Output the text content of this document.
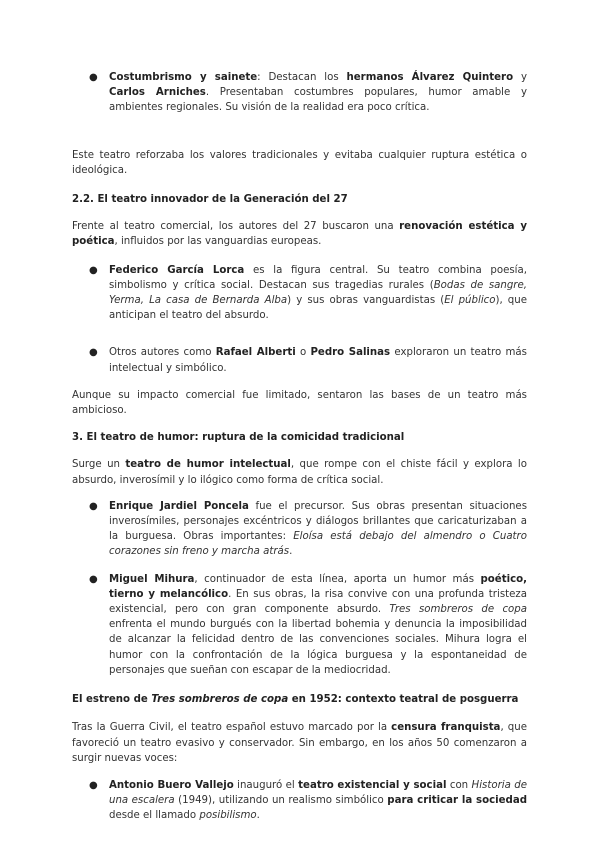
● Costumbrismo y sainete: Destacan los hermanos Álvarez Quintero y Carlos Arniches. Presentaban costumbres populares, humor amable y ambientes regionales. Su visión de la realidad era poco crítica.

Este teatro reforzaba los valores tradicionales y evitaba cualquier ruptura estética o ideológica.

2.2. El teatro innovador de la Generación del 27

Frente al teatro comercial, los autores del 27 buscaron una renovación estética y poética, influidos por las vanguardias europeas.

● Federico García Lorca es la figura central. Su teatro combina poesía, simbolismo y crítica social. Destacan sus tragedias rurales (Bodas de sangre, Yerma, La casa de Bernarda Alba) y sus obras vanguardistas (El público), que anticipan el teatro del absurdo.

● Otros autores como Rafael Alberti o Pedro Salinas exploraron un teatro más intelectual y simbólico.

Aunque su impacto comercial fue limitado, sentaron las bases de un teatro más ambicioso.

3. El teatro de humor: ruptura de la comicidad tradicional

Surge un teatro de humor intelectual, que rompe con el chiste fácil y explora lo absurdo, inverosímil y lo ilógico como forma de crítica social.

● Enrique Jardiel Poncela fue el precursor. Sus obras presentan situaciones inverosímiles, personajes excéntricos y diálogos brillantes que caricaturizaban a la burguesa. Obras importantes: Eloísa está debajo del almendro o Cuatro corazones sin freno y marcha atrás.

● Miguel Mihura, continuador de esta línea, aporta un humor más poético, tierno y melancólico. En sus obras, la risa convive con una profunda tristeza existencial, pero con gran componente absurdo. Tres sombreros de copa enfrenta el mundo burgués con la libertad bohemia y denuncia la imposibilidad de alcanzar la felicidad dentro de las convenciones sociales. Mihura logra el humor con la confrontación de la lógica burguesa y la espontaneidad de personajes que sueñan con escapar de la mediocridad.

El estreno de Tres sombreros de copa en 1952: contexto teatral de posguerra

Tras la Guerra Civil, el teatro español estuvo marcado por la censura franquista, que favoreció un teatro evasivo y conservador. Sin embargo, en los años 50 comenzaron a surgir nuevas voces:

● Antonio Buero Vallejo inauguró el teatro existencial y social con Historia de una escalera (1949), utilizando un realismo simbólico para criticar la sociedad desde el llamado posibilismo.
